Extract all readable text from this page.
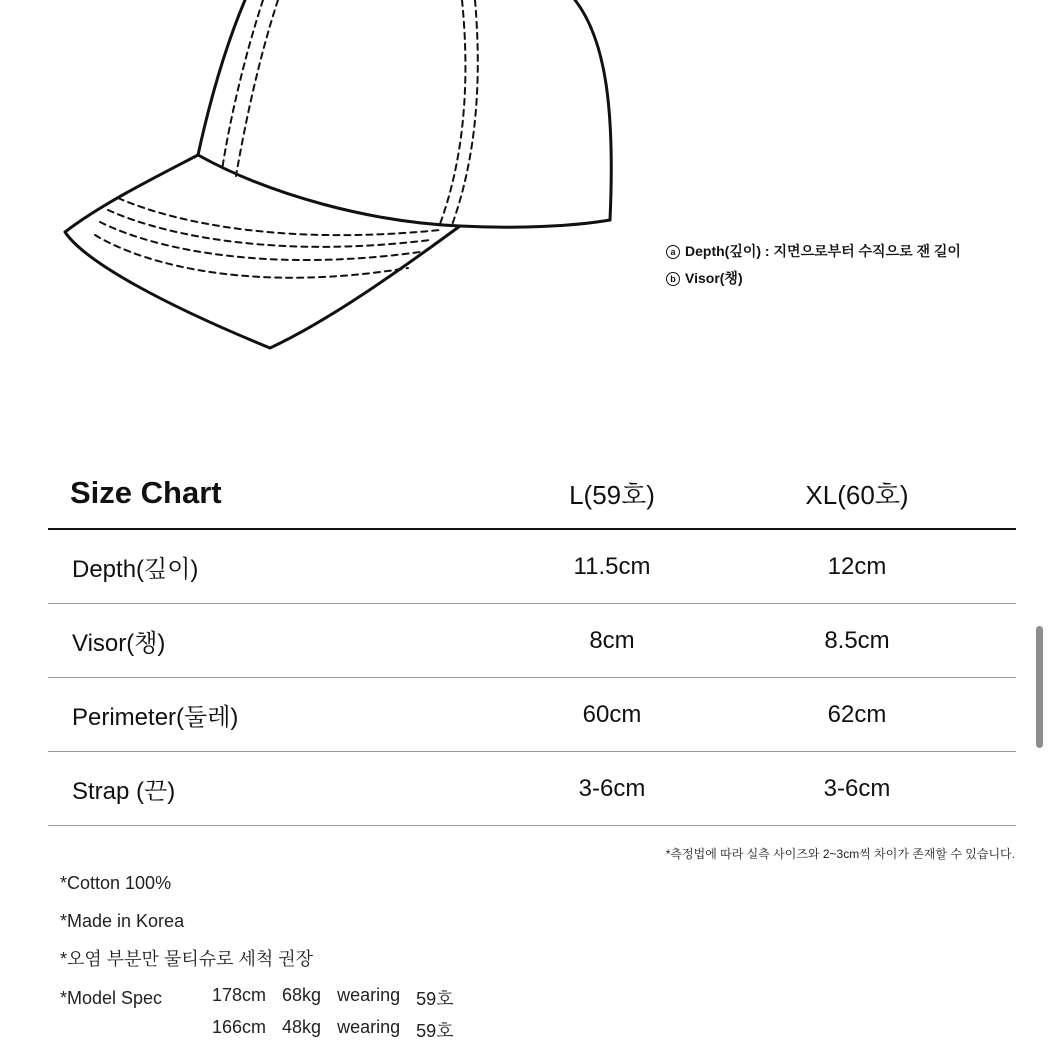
a Depth(깊이) : 지면으로부터 수직으로 잰 길이
b Visor(챙)
Size Chart	L(59호)	XL(60호)
Depth(깊이)	11.5cm	12cm
Visor(챙)	8cm	8.5cm
Perimeter(둘레)	60cm	62cm
Strap (끈)	3-6cm	3-6cm
*측정법에 따라 실측 사이즈와 2~3cm씩 차이가 존재할 수 있습니다.
*Cotton 100%
*Made in Korea
*오염 부분만 물티슈로 세척 권장
*Model Spec	178cm 68kg wearing 59호
166cm 48kg wearing 59호
